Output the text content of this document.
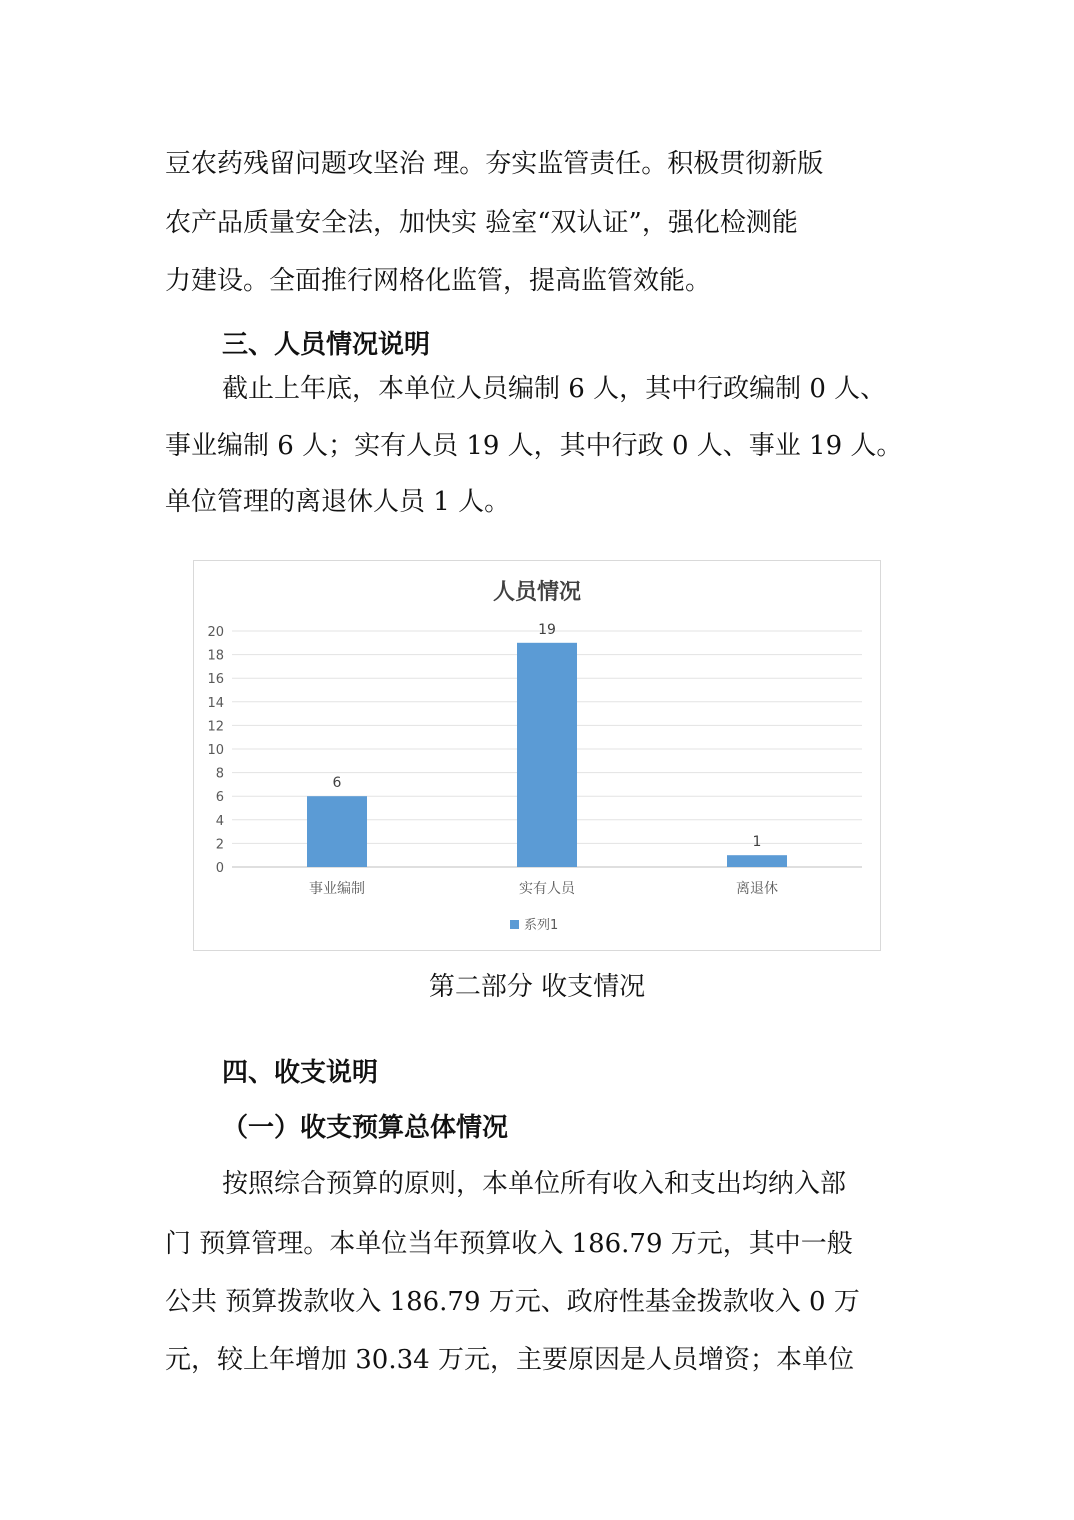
豆农药残留问题攻坚治 理。夯实监管责任。积极贯彻新版
农产品质量安全法，加快实 验室“双认证”，强化检测能
力建设。全面推行网格化监管，提高监管效能。
三、人员情况说明
截止上年底，本单位人员编制 6 人，其中行政编制 0 人、
事业编制 6 人；实有人员 19 人，其中行政 0 人、事业 19 人。
单位管理的离退休人员 1 人。
人员情况
0
2
4
6
8
10
12
14
16
18
20
6
事业编制
19
实有人员
1
离退休
系列1
第二部分 收支情况
四、收支说明
（一）收支预算总体情况
按照综合预算的原则，本单位所有收入和支出均纳入部
门 预算管理。本单位当年预算收入 186.79 万元，其中一般
公共 预算拨款收入 186.79 万元、政府性基金拨款收入 0 万
元，较上年增加 30.34 万元，主要原因是人员增资；本单位
